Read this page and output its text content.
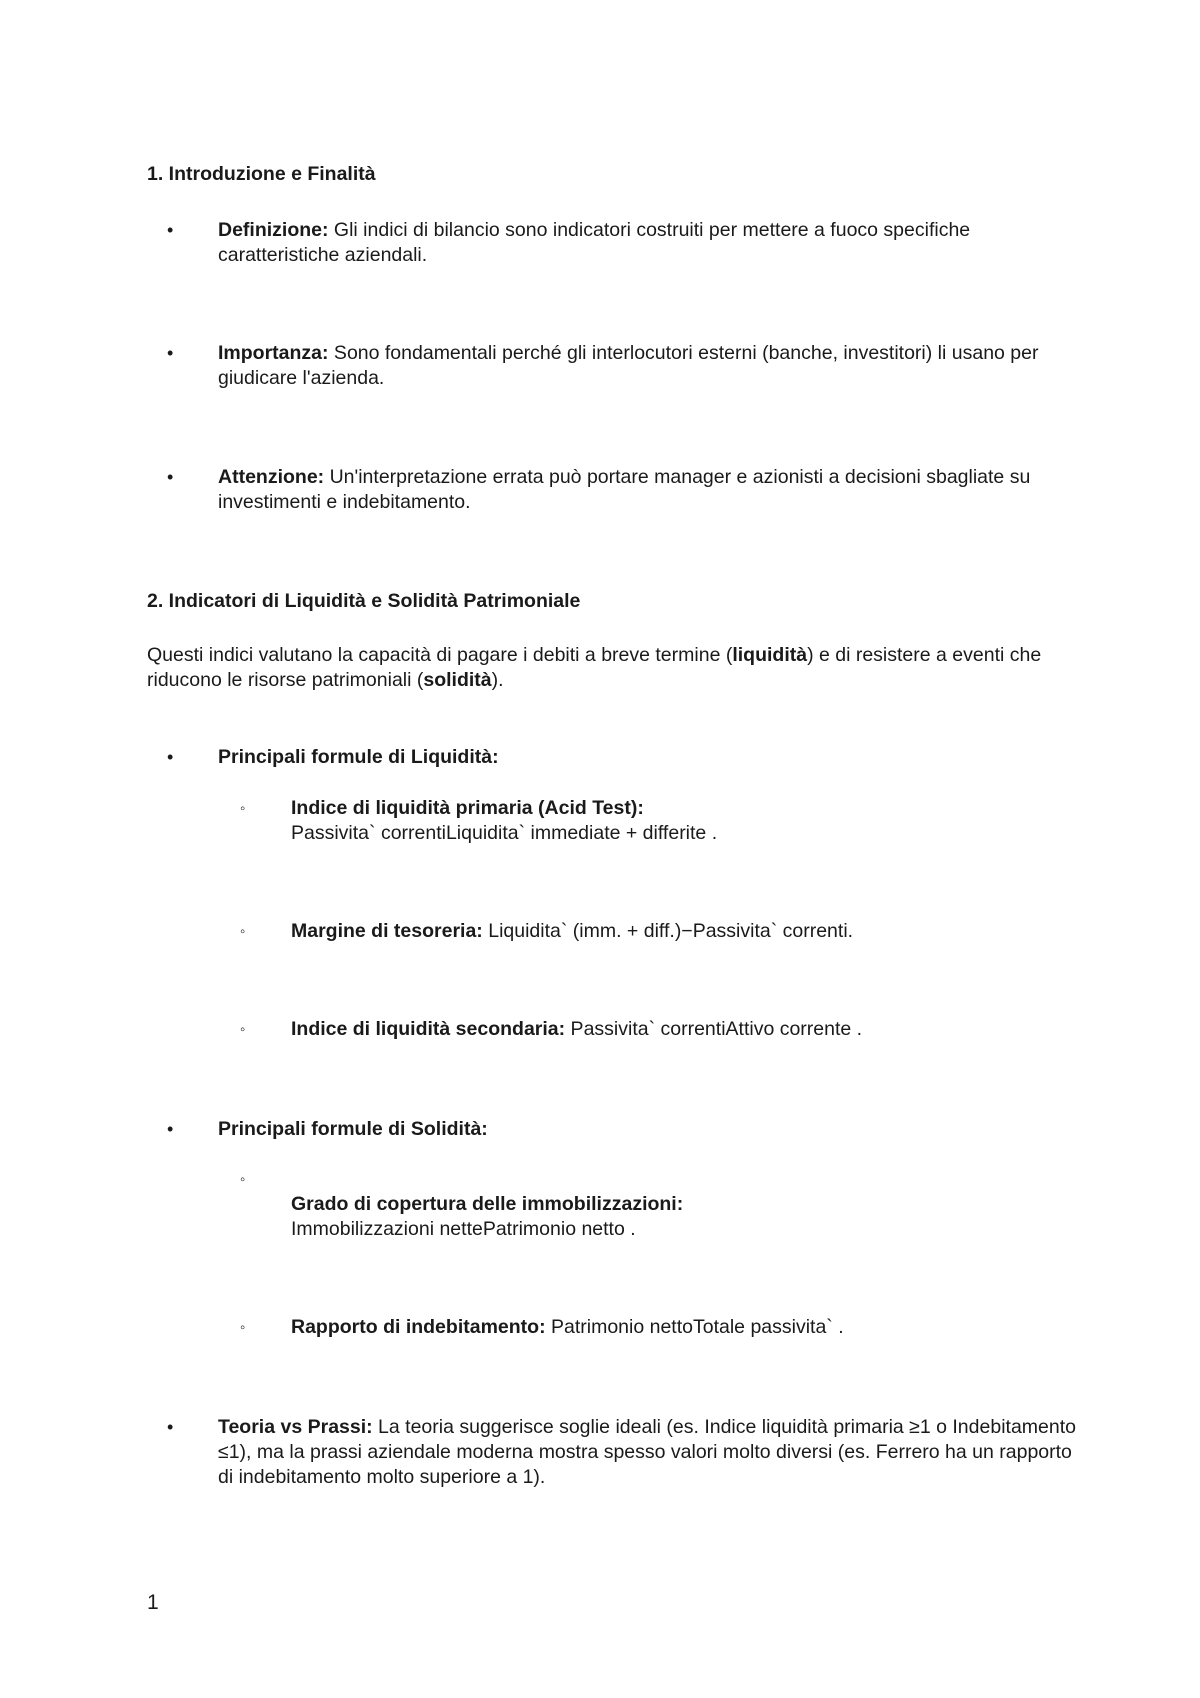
1. Introduzione e Finalità
• Definizione: Gli indici di bilancio sono indicatori costruiti per mettere a fuoco specifiche caratteristiche aziendali.
• Importanza: Sono fondamentali perché gli interlocutori esterni (banche, investitori) li usano per giudicare l'azienda.
• Attenzione: Un'interpretazione errata può portare manager e azionisti a decisioni sbagliate su investimenti e indebitamento.
2. Indicatori di Liquidità e Solidità Patrimoniale
Questi indici valutano la capacità di pagare i debiti a breve termine (liquidità) e di resistere a eventi che riducono le risorse patrimoniali (solidità).
• Principali formule di Liquidità:
◦ Indice di liquidità primaria (Acid Test):
Passivita` correntiLiquidita` immediate + differite .
◦ Margine di tesoreria: Liquidita` (imm. + diff.)−Passivita` correnti.
◦ Indice di liquidità secondaria: Passivita` correntiAttivo corrente .
• Principali formule di Solidità:
◦
Grado di copertura delle immobilizzazioni:
Immobilizzazioni nettePatrimonio netto .
◦ Rapporto di indebitamento: Patrimonio nettoTotale passivita` .
• Teoria vs Prassi: La teoria suggerisce soglie ideali (es. Indice liquidità primaria ≥1 o Indebitamento ≤1), ma la prassi aziendale moderna mostra spesso valori molto diversi (es. Ferrero ha un rapporto di indebitamento molto superiore a 1).
1
